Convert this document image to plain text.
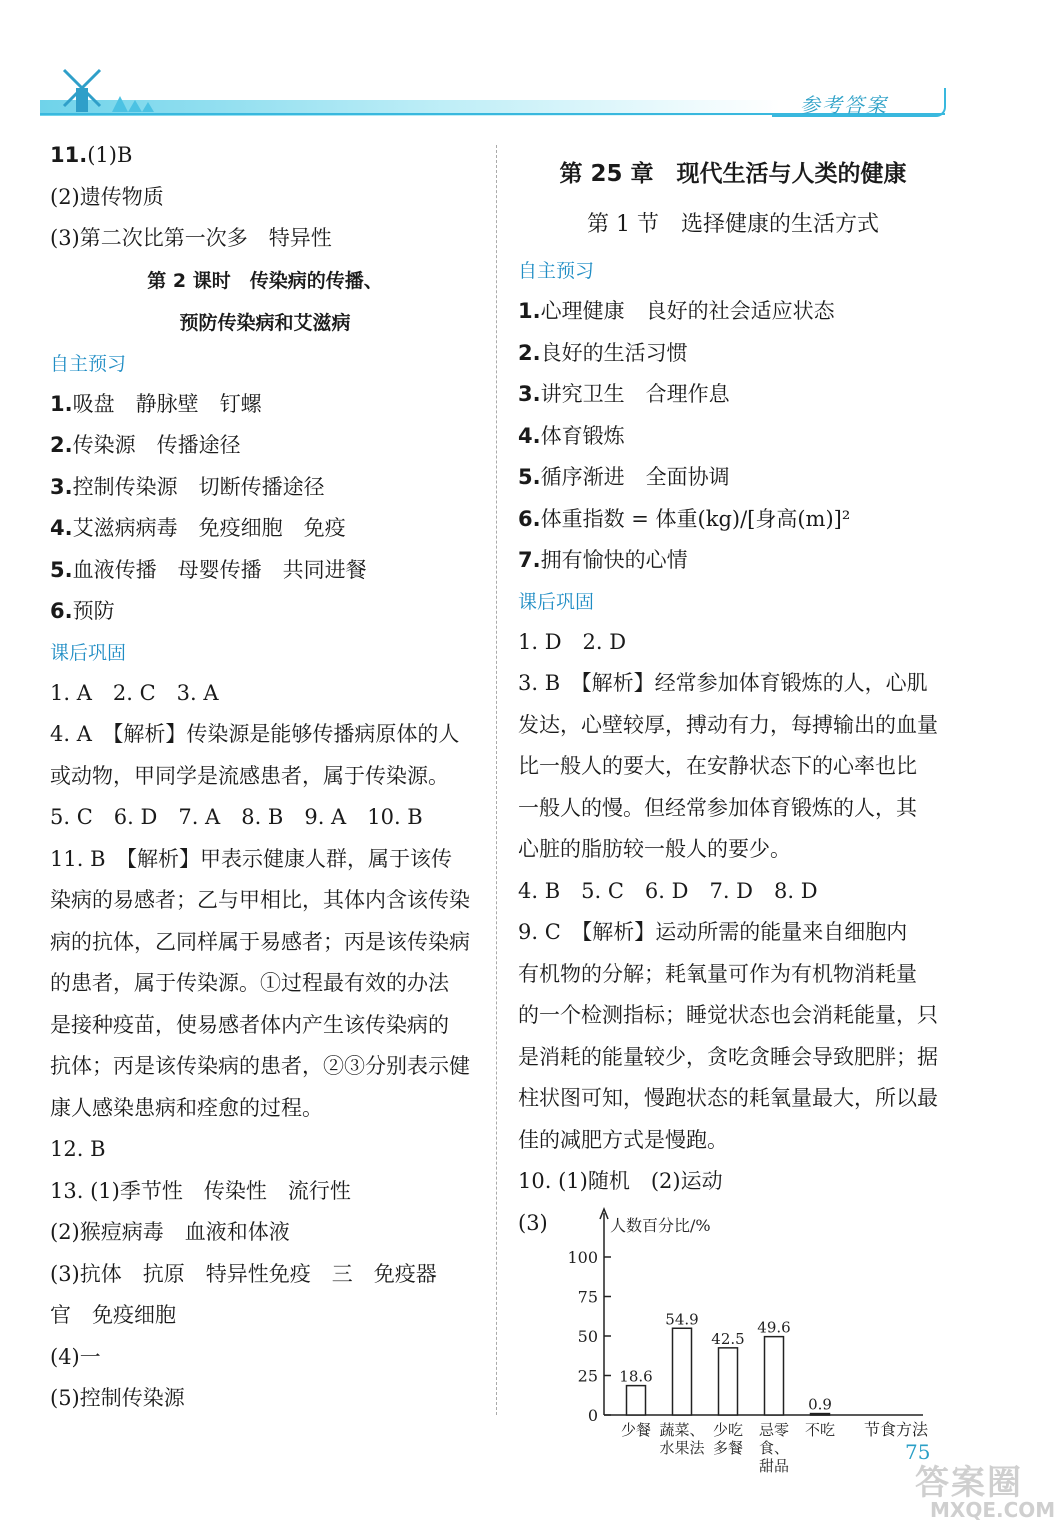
参考答案
11.(1)B
(2)遗传物质
(3)第二次比第一次多　特异性
第 2 课时　传染病的传播、
预防传染病和艾滋病
自主预习
1.吸盘　静脉壁　钉螺
2.传染源　传播途径
3.控制传染源　切断传播途径
4.艾滋病病毒　免疫细胞　免疫
5.血液传播　母婴传播　共同进餐
6.预防
课后巩固
1. A　2. C　3. A
4. A　【解析】传染源是能够传播病原体的人
或动物，甲同学是流感患者，属于传染源。
5. C　6. D　7. A　8. B　9. A　10. B
11. B　【解析】甲表示健康人群，属于该传
染病的易感者；乙与甲相比，其体内含该传染
病的抗体，乙同样属于易感者；丙是该传染病
的患者，属于传染源。①过程最有效的办法
是接种疫苗，使易感者体内产生该传染病的
抗体；丙是该传染病的患者，②③分别表示健
康人感染患病和痊愈的过程。
12. B
13. (1)季节性　传染性　流行性
(2)猴痘病毒　血液和体液
(3)抗体　抗原　特异性免疫　三　免疫器
官　免疫细胞
(4)一
(5)控制传染源
第 25 章　现代生活与人类的健康
第 1 节　选择健康的生活方式
自主预习
1.心理健康　良好的社会适应状态
2.良好的生活习惯
3.讲究卫生　合理作息
4.体育锻炼
5.循序渐进　全面协调
6.体重指数 = 体重(kg)/[身高(m)]²
7.拥有愉快的心情
课后巩固
1. D　2. D
3. B　【解析】经常参加体育锻炼的人，心肌
发达，心壁较厚，搏动有力，每搏输出的血量
比一般人的要大，在安静状态下的心率也比
一般人的慢。但经常参加体育锻炼的人，其
心脏的脂肪较一般人的要少。
4. B　5. C　6. D　7. D　8. D
9. C　【解析】运动所需的能量来自细胞内
有机物的分解；耗氧量可作为有机物消耗量
的一个检测指标；睡觉状态也会消耗能量，只
是消耗的能量较少，贪吃贪睡会导致肥胖；据
柱状图可知，慢跑状态的耗氧量最大，所以最
佳的减肥方式是慢跑。
10. (1)随机　(2)运动
(3)	人数百分比/%
节食方法
0
25
50
75
100
18.6
少餐
54.9
蔬菜、
水果法
42.5
少吃
多餐
49.6
忌零
食、
甜品
0.9
不吃
75
答案圈
MXQE.COM
